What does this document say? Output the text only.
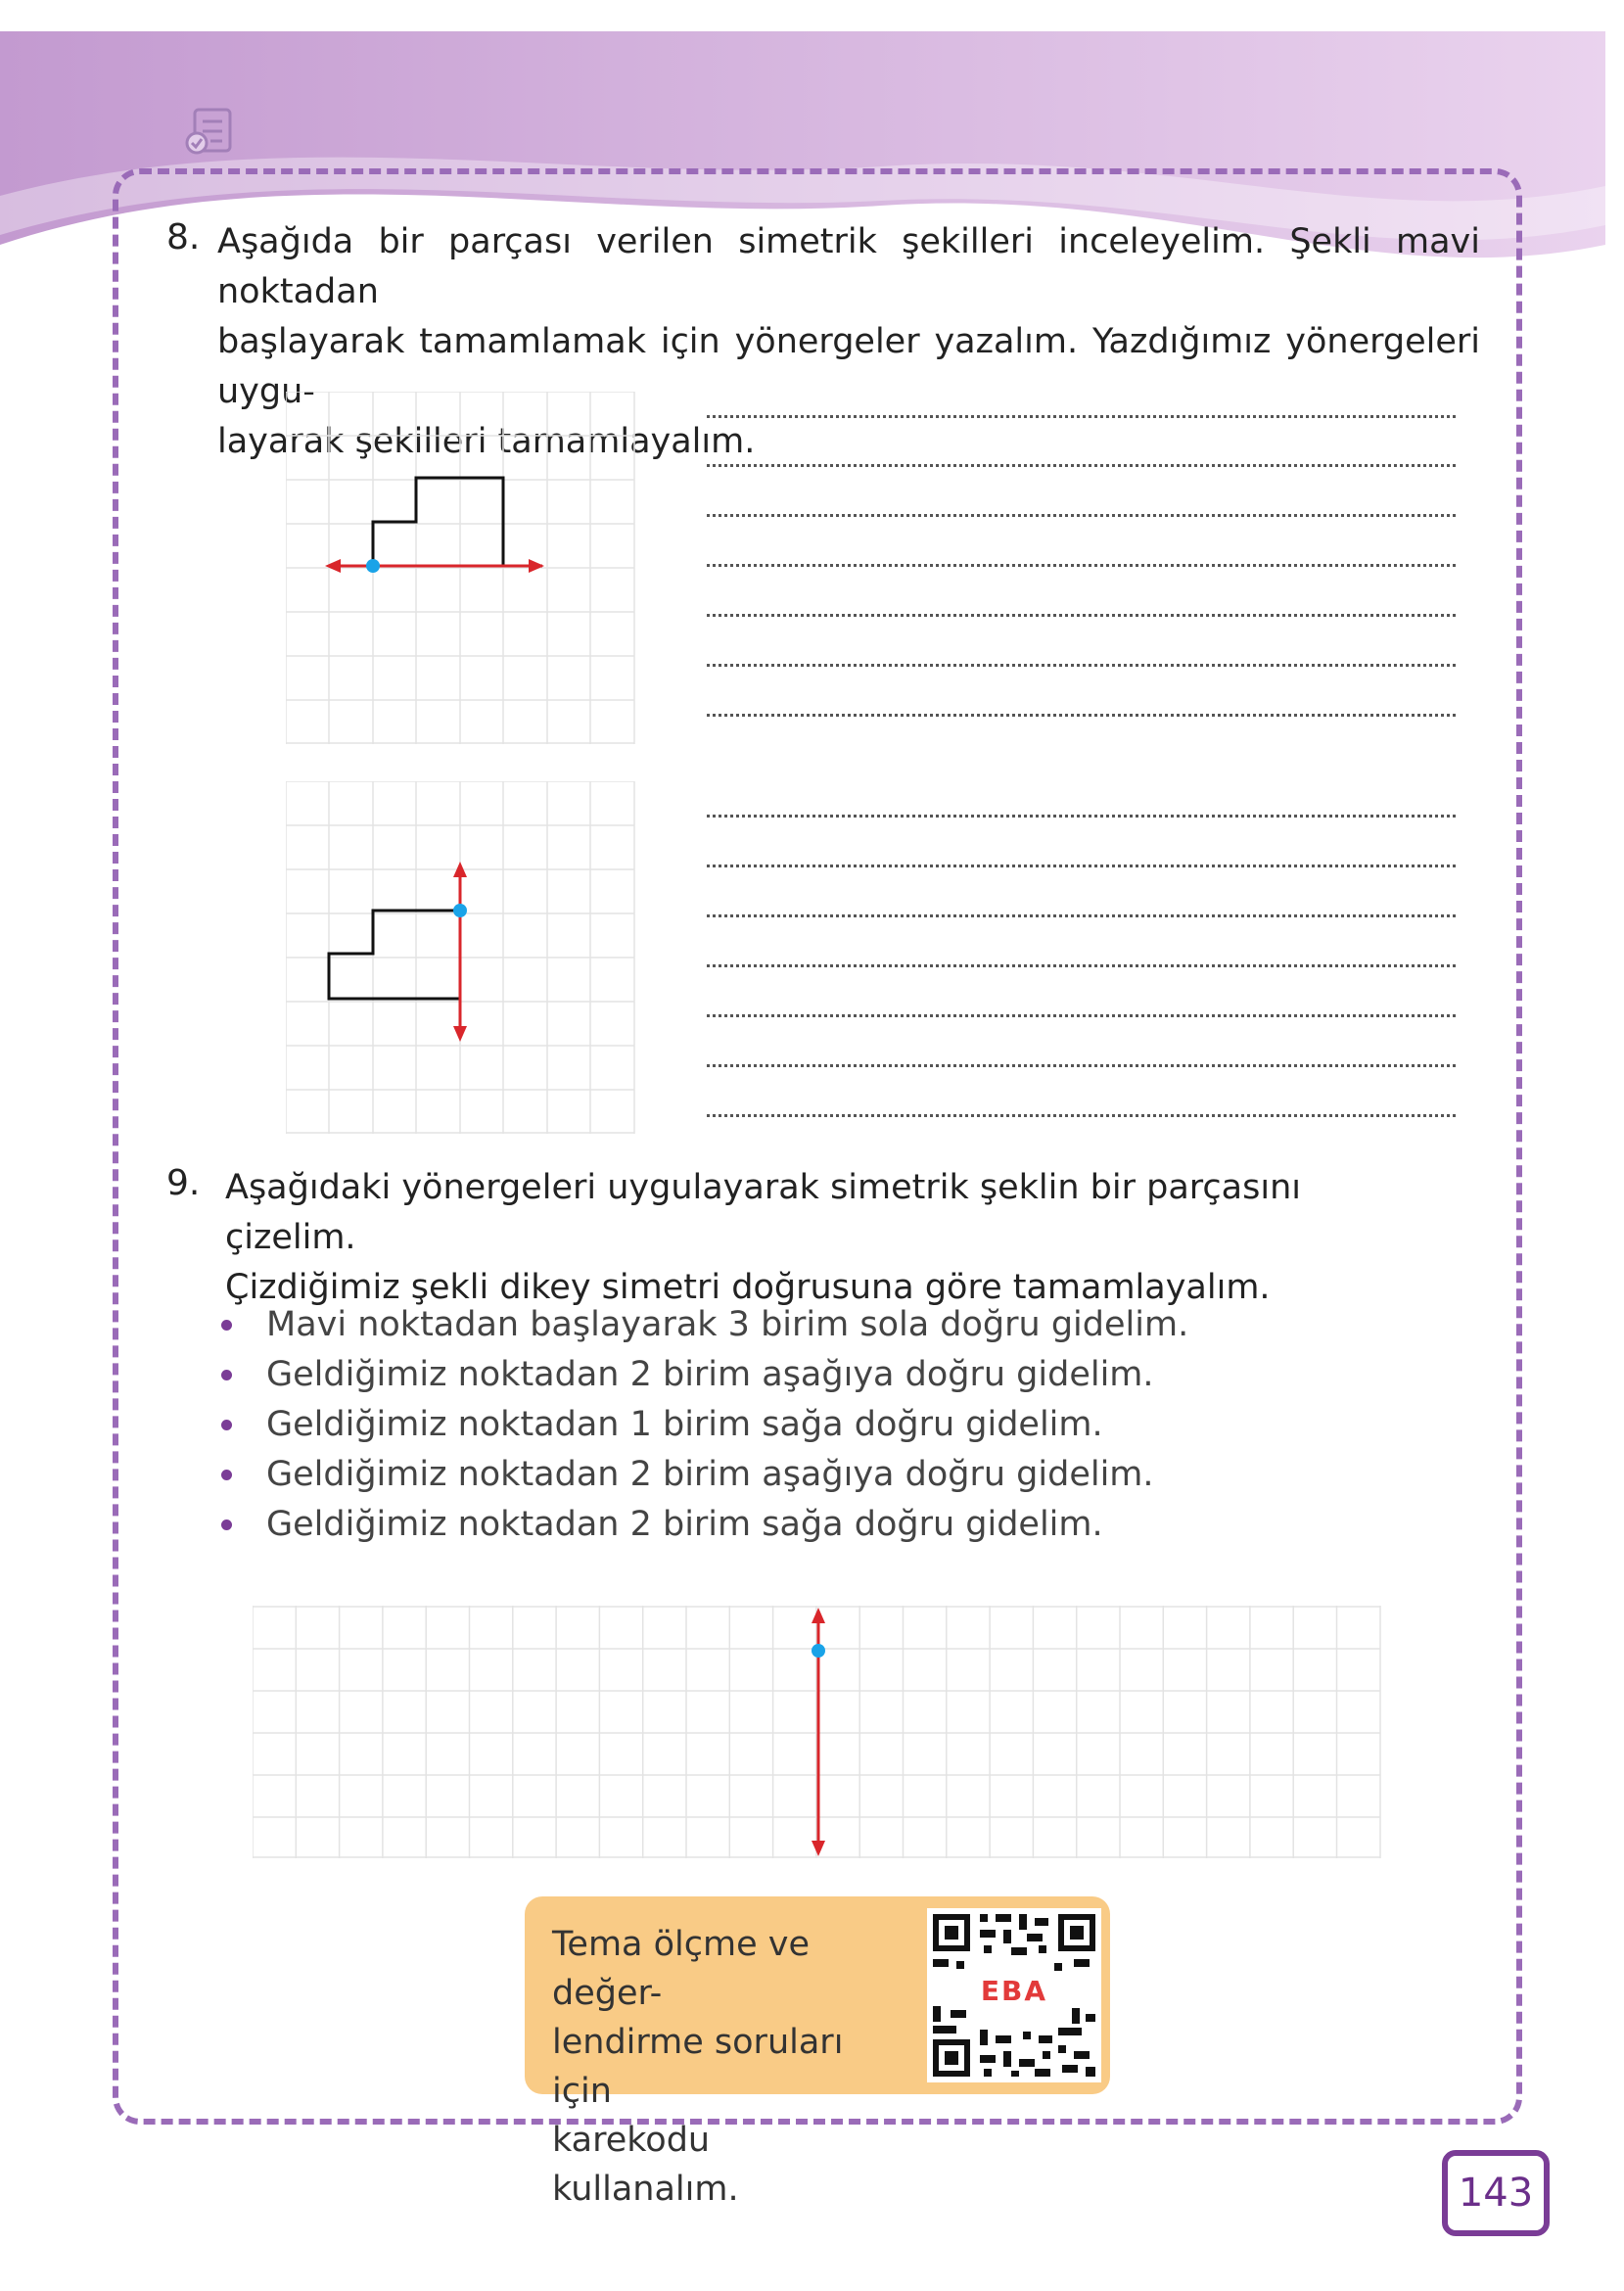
8. Aşağıda bir parçası verilen simetrik şekilleri inceleyelim. Şekli mavi noktadan
başlayarak tamamlamak için yönergeler yazalım. Yazdığımız yönergeleri uygu-
layarak şekilleri tamamlayalım.
9. Aşağıdaki yönergeleri uygulayarak simetrik şeklin bir parçasını çizelim.
Çizdiğimiz şekli dikey simetri doğrusuna göre tamamlayalım.
Mavi noktadan başlayarak 3 birim sola doğru gidelim.
Geldiğimiz noktadan 2 birim aşağıya doğru gidelim.
Geldiğimiz noktadan 1 birim sağa doğru gidelim.
Geldiğimiz noktadan 2 birim aşağıya doğru gidelim.
Geldiğimiz noktadan 2 birim sağa doğru gidelim.
Tema ölçme ve değer-
lendirme soruları için
karekodu kullanalım.
EBA
143
